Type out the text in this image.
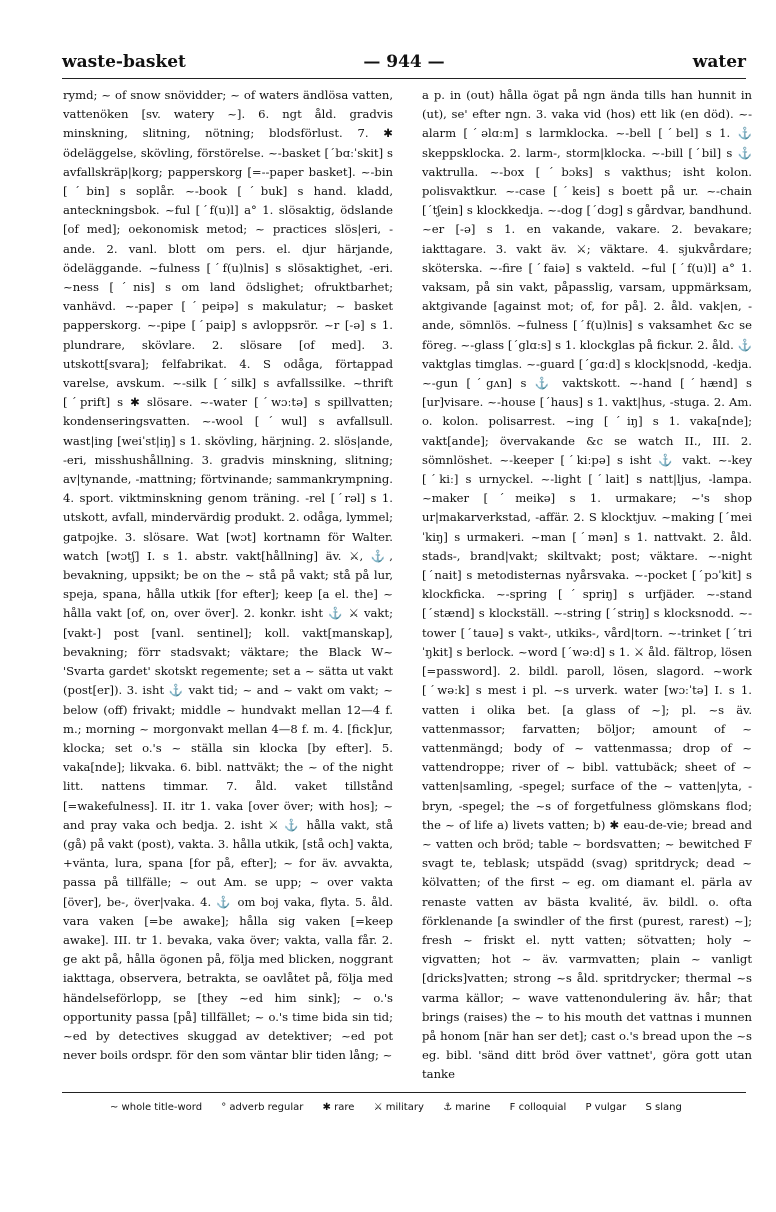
waste-basket	— 944 —	water

rymd; ~ of snow snövidder; ~ of waters ändlösa vatten, vattenöken [sv. watery ~]. 6. ngt åld. gradvis minskning, slitning, nötning; blodsförlust. 7. ✱ ödeläggelse, skövling, förstörelse. ~-basket [ˊbɑːˈskit] s avfallskräp|korg; papperskorg [=--paper basket]. ~-bin [ˊbin] s soplår. ~-book [ˊbuk] s hand. kladd, anteckningsbok. ~ful [ˊf(u)l] a° 1. slösaktig, ödslande [of med]; oekonomisk metod; ~ practices slös|eri, -ande. 2. vanl. blott om pers. el. djur härjande, ödeläggande. ~fulness [ˊf(u)lnis] s slösaktighet, -eri. ~ness [ˊnis] s om land ödslighet; ofruktbarhet; vanhävd. ~-paper [ˊpeipə] s makulatur; ~ basket papperskorg. ~-pipe [ˊpaip] s avloppsrör. ~r [-ə] s 1. plundrare, skövlare. 2. slösare [of med]. 3. utskott[svara]; felfabrikat. 4. S odåga, förtappad varelse, avskum. ~-silk [ˊsilk] s avfallssilke. ~thrift [ˊprift] s ✱ slösare. ~-water [ˊwɔːtə] s spillvatten; kondenseringsvatten. ~-wool [ˊwul] s avfallsull. wast|ing [weiˈst|iŋ] s 1. skövling, härjning. 2. slös|ande, -eri, misshushållning. 3. gradvis minskning, slitning; av|tynande, -mattning; förtvinande; sammankrympning. 4. sport. viktminskning genom träning. -rel [ˊrəl] s 1. utskott, avfall, mindervärdig produkt. 2. odåga, lymmel; gatpojke. 3. slösare. Wat [wɔt] kortnamn för Walter. watch [wɔtʃ] I. s 1. abstr. vakt[hållning] äv. ⚔, ⚓, bevakning, uppsikt; be on the ~ stå på vakt; stå på lur, speja, spana, hålla utkik [for efter]; keep [a el. the] ~ hålla vakt [of, on, over över]. 2. konkr. isht ⚓ ⚔ vakt; [vakt-] post [vanl. sentinel]; koll. vakt[manskap], bevakning; förr stadsvakt; väktare; the Black W~ 'Svarta gardet' skotskt regemente; set a ~ sätta ut vakt (post[er]). 3. isht ⚓ vakt tid; ~ and ~ vakt om vakt; ~ below (off) frivakt; middle ~ hundvakt mellan 12—4 f. m.; morning ~ morgonvakt mellan 4—8 f. m. 4. [fick]ur, klocka; set o.'s ~ ställa sin klocka [by efter]. 5. vaka[nde]; likvaka. 6. bibl. nattväkt; the ~ of the night litt. nattens timmar. 7. åld. vaket tillstånd [=wakefulness]. II. itr 1. vaka [over över; with hos]; ~ and pray vaka och bedja. 2. isht ⚔ ⚓ hålla vakt, stå (gå) på vakt (post), vakta. 3. hålla utkik, [stå och] vakta, +vänta, lura, spana [for på, efter]; ~ for äv. avvakta, passa på tillfälle; ~ out Am. se upp; ~ over vakta [över], be-, över|vaka. 4. ⚓ om boj vaka, flyta. 5. åld. vara vaken [=be awake]; hålla sig vaken [=keep awake]. III. tr 1. bevaka, vaka över; vakta, valla får. 2. ge akt på, hålla ögonen på, följa med blicken, noggrant iakttaga, observera, betrakta, se oavlåtet på, följa med händelseförlopp, se [they ~ed him sink]; ~ o.'s opportunity passa [på] tillfället; ~ o.'s time bida sin tid; ~ed by detectives skuggad av detektiver; ~ed pot never boils ordspr. för den som väntar blir tiden lång; ~

a p. in (out) hålla ögat på ngn ända tills han hunnit in (ut), se' efter ngn. 3. vaka vid (hos) ett lik (en död). ~-alarm [ˊəlɑːm] s larmklocka. ~-bell [ˊbel] s 1. ⚓ skeppsklocka. 2. larm-, storm|klocka. ~-bill [ˊbil] s ⚓ vaktrulla. ~-box [ˊbɔks] s vakthus; isht kolon. polisvaktkur. ~-case [ˊkeis] s boett på ur. ~-chain [ˊtʃein] s klockkedja. ~-dog [ˊdɔg] s gårdvar, bandhund. ~er [-ə] s 1. en vakande, vakare. 2. bevakare; iakttagare. 3. vakt äv. ⚔; väktare. 4. sjukvårdare; sköterska. ~-fire [ˊfaiə] s vakteld. ~ful [ˊf(u)l] a° 1. vaksam, på sin vakt, påpasslig, varsam, uppmärksam, aktgivande [against mot; of, for på]. 2. åld. vak|en, -ande, sömnlös. ~fulness [ˊf(u)lnis] s vaksamhet &c se föreg. ~-glass [ˊglɑːs] s 1. klockglas på fickur. 2. åld. ⚓ vaktglas timglas. ~-guard [ˊgɑːd] s klock|snodd, -kedja. ~-gun [ˊgʌn] s ⚓ vaktskott. ~-hand [ˊhænd] s [ur]visare. ~-house [ˊhaus] s 1. vakt|hus, -stuga. 2. Am. o. kolon. polisarrest. ~ing [ˊiŋ] s 1. vaka[nde]; vakt[ande]; övervakande &c se watch II., III. 2. sömnlöshet. ~-keeper [ˊkiːpə] s isht ⚓ vakt. ~-key [ˊkiː] s urnyckel. ~-light [ˊlait] s natt|ljus, -lampa. ~maker [ˊmeikə] s 1. urmakare; ~'s shop ur|makarverkstad, -affär. 2. S klocktjuv. ~making [ˊmeiˈkiŋ] s urmakeri. ~man [ˊmən] s 1. nattvakt. 2. åld. stads-, brand|vakt; skiltvakt; post; väktare. ~-night [ˊnait] s metodisternas nyårsvaka. ~-pocket [ˊpɔˈkit] s klockficka. ~-spring [ˊspriŋ] s urfjäder. ~-stand [ˊstænd] s klockställ. ~-string [ˊstriŋ] s klocksnodd. ~-tower [ˊtauə] s vakt-, utkiks-, vård|torn. ~-trinket [ˊtriˈŋkit] s berlock. ~word [ˊwəːd] s 1. ⚔ åld. fältrop, lösen [=password]. 2. bildl. paroll, lösen, slagord. ~work [ˊwəːk] s mest i pl. ~s urverk. water [wɔːˈtə] I. s 1. vatten i olika bet. [a glass of ~]; pl. ~s äv. vattenmassor; farvatten; böljor; amount of ~ vattenmängd; body of ~ vattenmassa; drop of ~ vattendroppe; river of ~ bibl. vattubäck; sheet of ~ vatten|samling, -spegel; surface of the ~ vatten|yta, -bryn, -spegel; the ~s of forgetfulness glömskans flod; the ~ of life a) livets vatten; b) ✱ eau-de-vie; bread and ~ vatten och bröd; table ~ bordsvatten; ~ bewitched F svagt te, teblask; utspädd (svag) spritdryck; dead ~ kölvatten; of the first ~ eg. om diamant el. pärla av renaste vatten av bästa kvalité, äv. bildl. o. ofta förklenande [a swindler of the first (purest, rarest) ~]; fresh ~ friskt el. nytt vatten; sötvatten; holy ~ vigvatten; hot ~ äv. varmvatten; plain ~ vanligt [dricks]vatten; strong ~s åld. spritdrycker; thermal ~s varma källor; ~ wave vattenondulering äv. hår; that brings (raises) the ~ to his mouth det vattnas i munnen på honom [när han ser det]; cast o.'s bread upon the ~s eg. bibl. 'sänd ditt bröd över vattnet', göra gott utan tanke

~ whole title-word ° adverb regular ✱ rare ⚔ military ⚓ marine F colloquial P vulgar S slang
